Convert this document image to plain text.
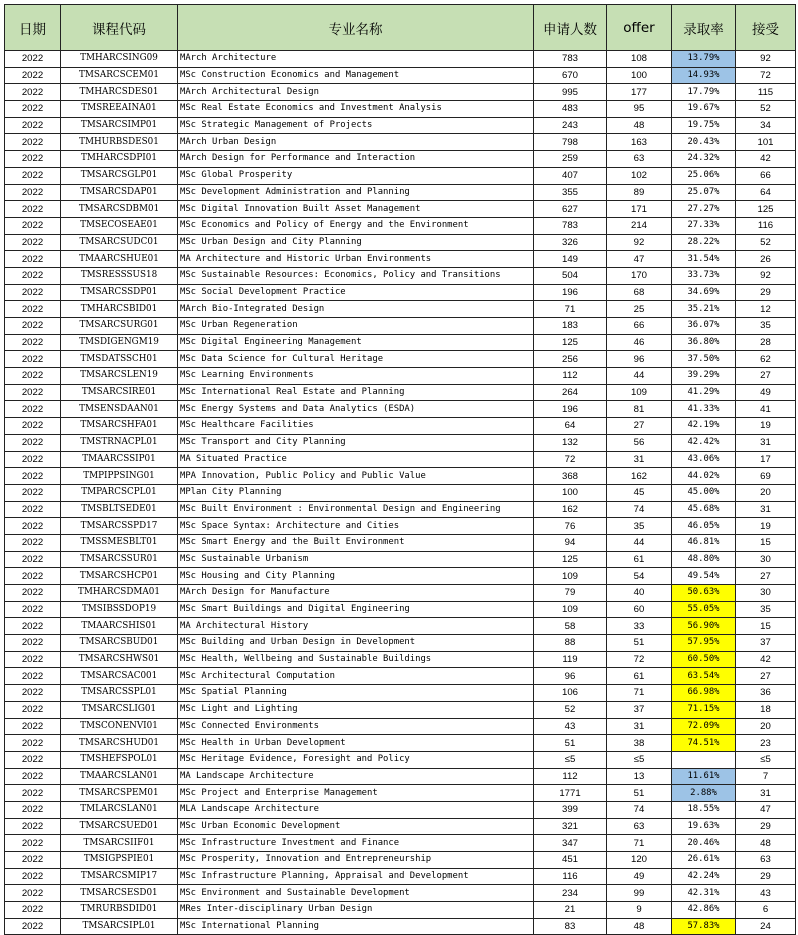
日期	课程代码	专业名称	申请人数	offer	录取率	接受
2022	TMHARCSING09	MArch Architecture	783	108	13.79%	92
2022	TMSARCSCEM01	MSc Construction Economics and Management	670	100	14.93%	72
2022	TMHARCSDES01	MArch Architectural Design	995	177	17.79%	115
2022	TMSREEAINA01	MSc Real Estate Economics and Investment Analysis	483	95	19.67%	52
2022	TMSARCSIMP01	MSc Strategic Management of Projects	243	48	19.75%	34
2022	TMHURBSDES01	MArch Urban Design	798	163	20.43%	101
2022	TMHARCSDPI01	MArch Design for Performance and Interaction	259	63	24.32%	42
2022	TMSARCSGLP01	MSc Global Prosperity	407	102	25.06%	66
2022	TMSARCSDAP01	MSc Development Administration and Planning	355	89	25.07%	64
2022	TMSARCSDBM01	MSc Digital Innovation Built Asset Management	627	171	27.27%	125
2022	TMSECOSEAE01	MSc Economics and Policy of Energy and the Environment	783	214	27.33%	116
2022	TMSARCSUDC01	MSc Urban Design and City Planning	326	92	28.22%	52
2022	TMAARCSHUE01	MA Architecture and Historic Urban Environments	149	47	31.54%	26
2022	TMSRESSSUS18	MSc Sustainable Resources: Economics, Policy and Transitions	504	170	33.73%	92
2022	TMSARCSSDP01	MSc Social Development Practice	196	68	34.69%	29
2022	TMHARCSBID01	MArch Bio-Integrated Design	71	25	35.21%	12
2022	TMSARCSURG01	MSc Urban Regeneration	183	66	36.07%	35
2022	TMSDIGENGM19	MSc Digital Engineering Management	125	46	36.80%	28
2022	TMSDATSSCH01	MSc Data Science for Cultural Heritage	256	96	37.50%	62
2022	TMSARCSLEN19	MSc Learning Environments	112	44	39.29%	27
2022	TMSARCSIRE01	MSc International Real Estate and Planning	264	109	41.29%	49
2022	TMSENSDAAN01	MSc Energy Systems and Data Analytics (ESDA)	196	81	41.33%	41
2022	TMSARCSHFA01	MSc Healthcare Facilities	64	27	42.19%	19
2022	TMSTRNACPL01	MSc Transport and City Planning	132	56	42.42%	31
2022	TMAARCSSIP01	MA Situated Practice	72	31	43.06%	17
2022	TMPIPPSING01	MPA Innovation, Public Policy and Public Value	368	162	44.02%	69
2022	TMPARCSCPL01	MPlan City Planning	100	45	45.00%	20
2022	TMSBLTSEDE01	MSc Built Environment : Environmental Design and Engineering	162	74	45.68%	31
2022	TMSARCSSPD17	MSc Space Syntax: Architecture and Cities	76	35	46.05%	19
2022	TMSSMESBLT01	MSc Smart Energy and the Built Environment	94	44	46.81%	15
2022	TMSARCSSUR01	MSc Sustainable Urbanism	125	61	48.80%	30
2022	TMSARCSHCP01	MSc Housing and City Planning	109	54	49.54%	27
2022	TMHARCSDMA01	MArch Design for Manufacture	79	40	50.63%	30
2022	TMSIBSSDOP19	MSc Smart Buildings and Digital Engineering	109	60	55.05%	35
2022	TMAARCSHIS01	MA Architectural History	58	33	56.90%	15
2022	TMSARCSBUD01	MSc Building and Urban Design in Development	88	51	57.95%	37
2022	TMSARCSHWS01	MSc Health, Wellbeing and Sustainable Buildings	119	72	60.50%	42
2022	TMSARCSAC001	MSc Architectural Computation	96	61	63.54%	27
2022	TMSARCSSPL01	MSc Spatial Planning	106	71	66.98%	36
2022	TMSARCSLIG01	MSc Light and Lighting	52	37	71.15%	18
2022	TMSCONENVI01	MSc Connected Environments	43	31	72.09%	20
2022	TMSARCSHUD01	MSc Health in Urban Development	51	38	74.51%	23
2022	TMSHEFSPOL01	MSc Heritage Evidence, Foresight and Policy	≤5	≤5		≤5
2022	TMAARCSLAN01	MA Landscape Architecture	112	13	11.61%	7
2022	TMSARCSPEM01	MSc Project and Enterprise Management	1771	51	2.88%	31
2022	TMLARCSLAN01	MLA Landscape Architecture	399	74	18.55%	47
2022	TMSARCSUED01	MSc Urban Economic Development	321	63	19.63%	29
2022	TMSARCSIIF01	MSc Infrastructure Investment and Finance	347	71	20.46%	48
2022	TMSIGPSPIE01	MSc Prosperity, Innovation and Entrepreneurship	451	120	26.61%	63
2022	TMSARCSMIP17	MSc Infrastructure Planning, Appraisal and Development	116	49	42.24%	29
2022	TMSARCSESD01	MSc Environment and Sustainable Development	234	99	42.31%	43
2022	TMRURBSDID01	MRes Inter-disciplinary Urban Design	21	9	42.86%	6
2022	TMSARCSIPL01	MSc International Planning	83	48	57.83%	24
